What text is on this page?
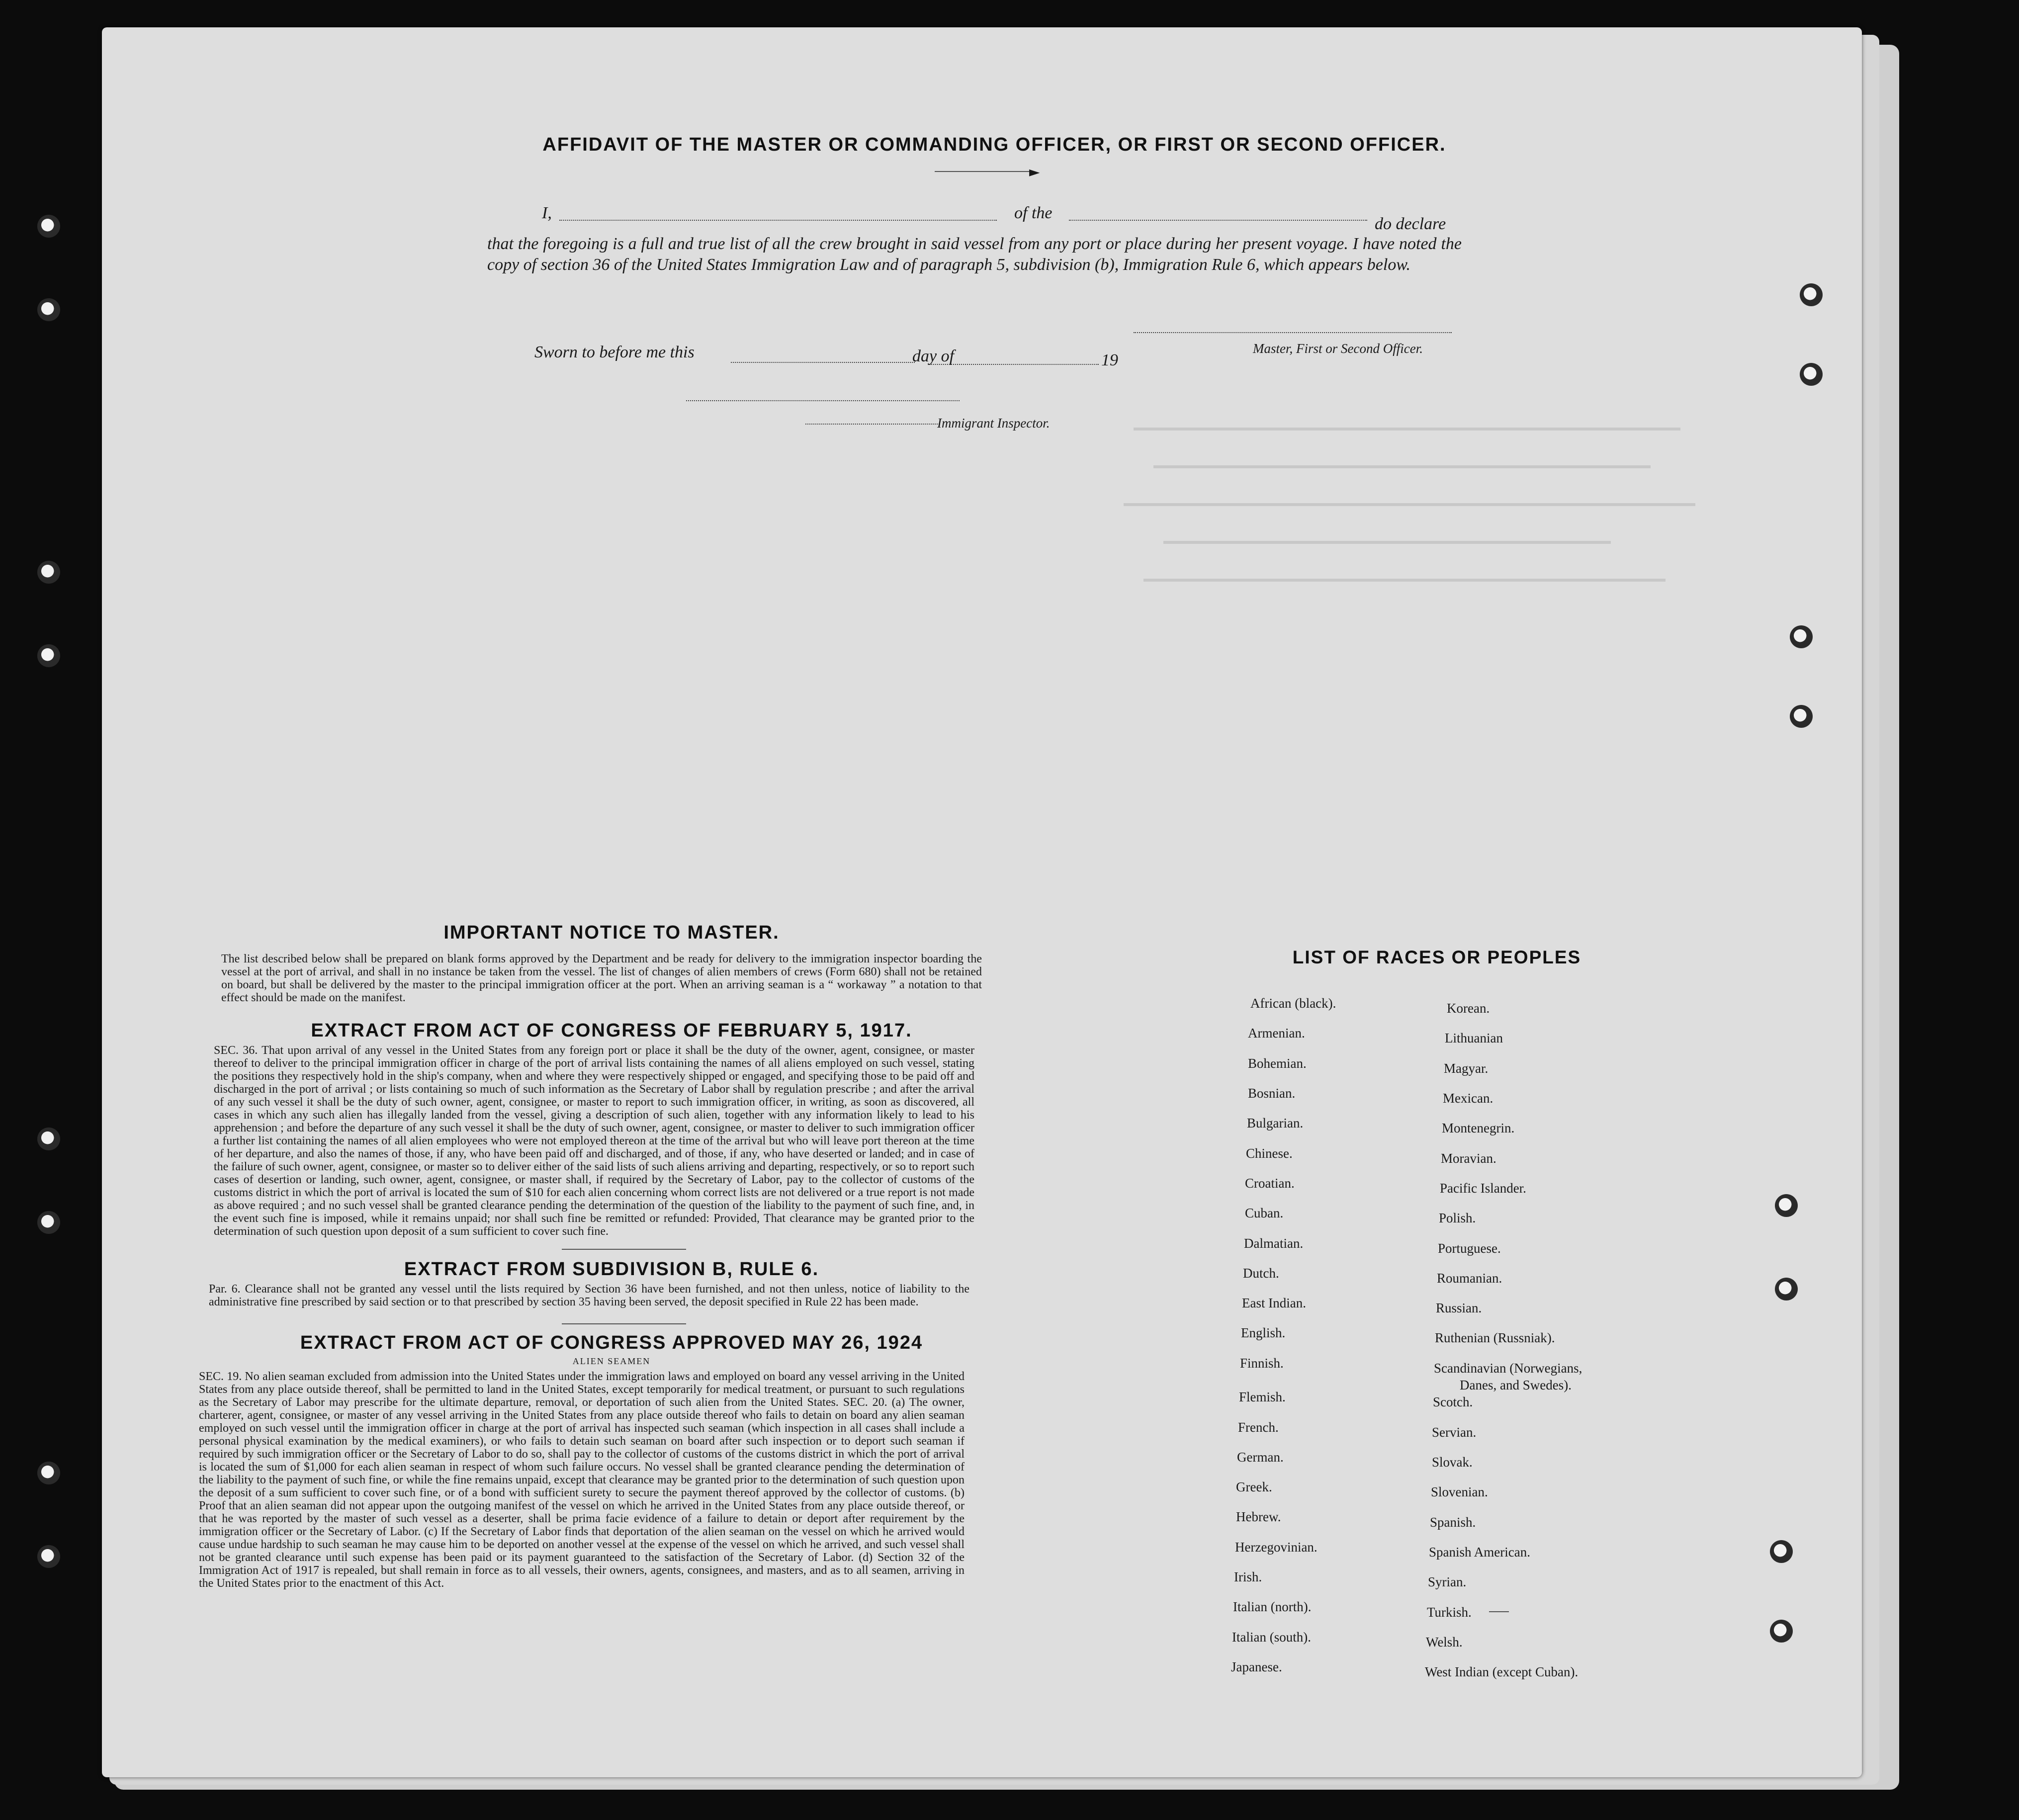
AFFIDAVIT OF THE MASTER OR COMMANDING OFFICER, OR FIRST OR SECOND OFFICER.
►
I,	of the
do declare
that the foregoing is a full and true list of all the crew brought in said vessel from any port or place during her present voyage. I have noted the copy of section 36 of the United States Immigration Law and of paragraph 5, subdivision (b), Immigration Rule 6, which appears below.
Master, First or Second Officer.
Sworn to before me this	day of	19
Immigrant Inspector.
IMPORTANT NOTICE TO MASTER.
The list described below shall be prepared on blank forms approved by the Department and be ready for delivery to the immigration inspector boarding the vessel at the port of arrival, and shall in no instance be taken from the vessel. The list of changes of alien members of crews (Form 680) shall not be retained on board, but shall be delivered by the master to the principal immigration officer at the port. When an arriving seaman is a “ workaway ” a notation to that effect should be made on the manifest.
EXTRACT FROM ACT OF CONGRESS OF FEBRUARY 5, 1917.
SEC. 36. That upon arrival of any vessel in the United States from any foreign port or place it shall be the duty of the owner, agent, consignee, or master thereof to deliver to the principal immigration officer in charge of the port of arrival lists containing the names of all aliens employed on such vessel, stating the positions they respectively hold in the ship's company, when and where they were respectively shipped or engaged, and specifying those to be paid off and discharged in the port of arrival ; or lists containing so much of such information as the Secretary of Labor shall by regulation prescribe ; and after the arrival of any such vessel it shall be the duty of such owner, agent, consignee, or master to report to such immigration officer, in writing, as soon as discovered, all cases in which any such alien has illegally landed from the vessel, giving a description of such alien, together with any information likely to lead to his apprehension ; and before the departure of any such vessel it shall be the duty of such owner, agent, consignee, or master to deliver to such immigration officer a further list containing the names of all alien employees who were not employed thereon at the time of the arrival but who will leave port thereon at the time of her departure, and also the names of those, if any, who have been paid off and discharged, and of those, if any, who have deserted or landed; and in case of the failure of such owner, agent, consignee, or master so to deliver either of the said lists of such aliens arriving and departing, respectively, or so to report such cases of desertion or landing, such owner, agent, consignee, or master shall, if required by the Secretary of Labor, pay to the collector of customs of the customs district in which the port of arrival is located the sum of $10 for each alien concerning whom correct lists are not delivered or a true report is not made as above required ; and no such vessel shall be granted clearance pending the determination of the question of the liability to the payment of such fine, and, in the event such fine is imposed, while it remains unpaid; nor shall such fine be remitted or refunded: Provided, That clearance may be granted prior to the determination of such question upon deposit of a sum sufficient to cover such fine.
EXTRACT FROM SUBDIVISION B, RULE 6.
Par. 6. Clearance shall not be granted any vessel until the lists required by Section 36 have been furnished, and not then unless, notice of liability to the administrative fine prescribed by said section or to that prescribed by section 35 having been served, the deposit specified in Rule 22 has been made.
EXTRACT FROM ACT OF CONGRESS APPROVED MAY 26, 1924
ALIEN SEAMEN
SEC. 19. No alien seaman excluded from admission into the United States under the immigration laws and employed on board any vessel arriving in the United States from any place outside thereof, shall be permitted to land in the United States, except temporarily for medical treatment, or pursuant to such regulations as the Secretary of Labor may prescribe for the ultimate departure, removal, or deportation of such alien from the United States. SEC. 20. (a) The owner, charterer, agent, consignee, or master of any vessel arriving in the United States from any place outside thereof who fails to detain on board any alien seaman employed on such vessel until the immigration officer in charge at the port of arrival has inspected such seaman (which inspection in all cases shall include a personal physical examination by the medical examiners), or who fails to detain such seaman on board after such inspection or to deport such seaman if required by such immigration officer or the Secretary of Labor to do so, shall pay to the collector of customs of the customs district in which the port of arrival is located the sum of $1,000 for each alien seaman in respect of whom such failure occurs. No vessel shall be granted clearance pending the determination of the liability to the payment of such fine, or while the fine remains unpaid, except that clearance may be granted prior to the determination of such question upon the deposit of a sum sufficient to cover such fine, or of a bond with sufficient surety to secure the payment thereof approved by the collector of customs. (b) Proof that an alien seaman did not appear upon the outgoing manifest of the vessel on which he arrived in the United States from any place outside thereof, or that he was reported by the master of such vessel as a deserter, shall be prima facie evidence of a failure to detain or deport after requirement by the immigration officer or the Secretary of Labor. (c) If the Secretary of Labor finds that deportation of the alien seaman on the vessel on which he arrived would cause undue hardship to such seaman he may cause him to be deported on another vessel at the expense of the vessel on which he arrived, and such vessel shall not be granted clearance until such expense has been paid or its payment guaranteed to the satisfaction of the Secretary of Labor. (d) Section 32 of the Immigration Act of 1917 is repealed, but shall remain in force as to all vessels, their owners, agents, consignees, and masters, and as to all seamen, arriving in the United States prior to the enactment of this Act.
LIST OF RACES OR PEOPLES
African (black).
Armenian.
Bohemian.
Bosnian.
Bulgarian.
Chinese.
Croatian.
Cuban.
Dalmatian.
Dutch.
East Indian.
English.
Finnish.
Flemish.
French.
German.
Greek.
Hebrew.
Herzegovinian.
Irish.
Italian (north).
Italian (south).
Japanese.
Korean.
Lithuanian
Magyar.
Mexican.
Montenegrin.
Moravian.
Pacific Islander.
Polish.
Portuguese.
Roumanian.
Russian.
Ruthenian (Russniak).
Scandinavian (Norwegians,
Danes, and Swedes).
Scotch.
Servian.
Slovak.
Slovenian.
Spanish.
Spanish American.
Syrian.
Turkish.
Welsh.
West Indian (except Cuban).
